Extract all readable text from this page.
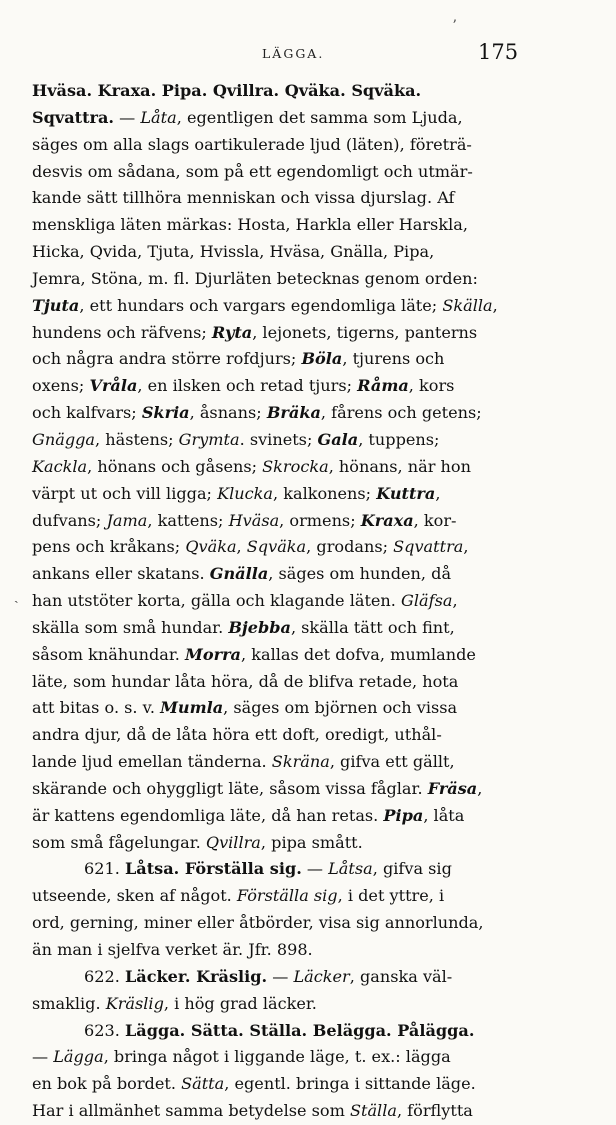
LÄGGA.	175
ʼ
ˏ
Hväsa. Kraxa. Pipa. Qvillra. Qväka. Sqväka.
Sqvattra. — Låta, egentligen det samma som Ljuda,
säges om alla slags oartikulerade ljud (läten), företrä-
desvis om sådana, som på ett egendomligt och utmär-
kande sätt tillhöra menniskan och vissa djurslag. Af
menskliga läten märkas: Hosta, Harkla eller Harskla,
Hicka, Qvida, Tjuta, Hvissla, Hväsa, Gnälla, Pipa,
Jemra, Stöna, m. fl. Djurläten betecknas genom orden:
Tjuta, ett hundars och vargars egendomliga läte; Skälla,
hundens och räfvens; Ryta, lejonets, tigerns, panterns
och några andra större rofdjurs; Böla, tjurens och
oxens; Vråla, en ilsken och retad tjurs; Råma, kors
och kalfvars; Skria, åsnans; Bräka, fårens och getens;
Gnägga, hästens; Grymta. svinets; Gala, tuppens;
Kackla, hönans och gåsens; Skrocka, hönans, när hon
värpt ut och vill ligga; Klucka, kalkonens; Kuttra,
dufvans; Jama, kattens; Hväsa, ormens; Kraxa, kor-
pens och kråkans; Qväka, Sqväka, grodans; Sqvattra,
ankans eller skatans. Gnälla, säges om hunden, då
han utstöter korta, gälla och klagande läten. Gläfsa,
skälla som små hundar. Bjebba, skälla tätt och fint,
såsom knähundar. Morra, kallas det dofva, mumlande
läte, som hundar låta höra, då de blifva retade, hota
att bitas o. s. v. Mumla, säges om björnen och vissa
andra djur, då de låta höra ett doft, oredigt, uthål-
lande ljud emellan tänderna. Skräna, gifva ett gällt,
skärande och ohyggligt läte, såsom vissa fåglar. Fräsa,
är kattens egendomliga läte, då han retas. Pipa, låta
som små fågelungar. Qvillra, pipa smått.
621. Låtsa. Förställa sig. — Låtsa, gifva sig
utseende, sken af något. Förställa sig, i det yttre, i
ord, gerning, miner eller åtbörder, visa sig annorlunda,
än man i sjelfva verket är. Jfr. 898.
622. Läcker. Kräslig. — Läcker, ganska väl-
smaklig. Kräslig, i hög grad läcker.
623. Lägga. Sätta. Ställa. Belägga. Pålägga.
— Lägga, bringa något i liggande läge, t. ex.: lägga
en bok på bordet. Sätta, egentl. bringa i sittande läge.
Har i allmänhet samma betydelse som Ställa, förflytta
